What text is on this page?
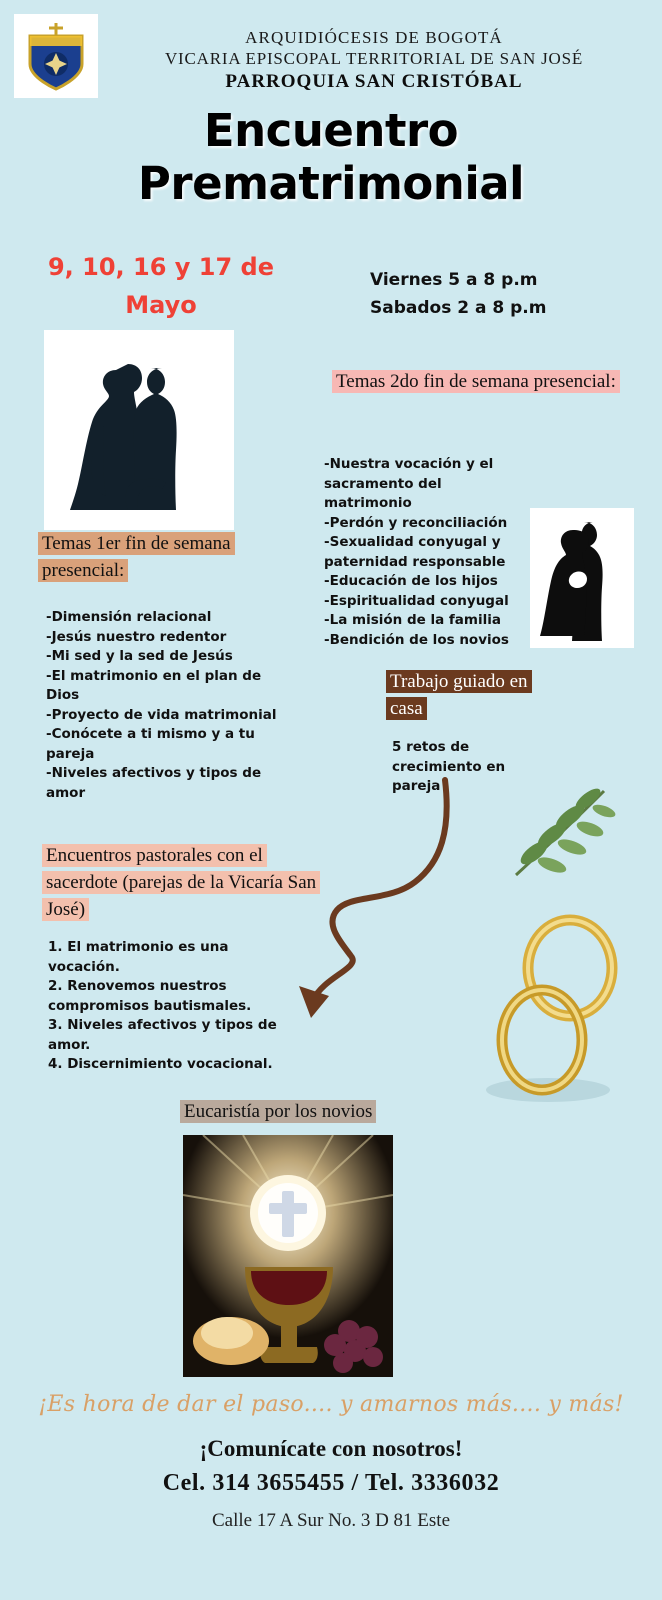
ARQUIDIÓCESIS DE BOGOTÁ
VICARIA EPISCOPAL TERRITORIAL DE SAN JOSÉ
PARROQUIA SAN CRISTÓBAL
Encuentro
Prematrimonial
9, 10, 16 y 17 de
Mayo
Viernes 5 a 8 p.m
Sabados 2 a 8 p.m
Temas 2do fin de semana presencial:
-Nuestra vocación y el sacramento del matrimonio
-Perdón y reconciliación
-Sexualidad conyugal y paternidad responsable
-Educación de los hijos
-Espiritualidad conyugal
-La misión de la familia
-Bendición de los novios
Temas 1er fin de semana presencial:
-Dimensión relacional
-Jesús nuestro redentor
-Mi sed y la sed de Jesús
-El matrimonio en el plan de Dios
-Proyecto de vida matrimonial
-Conócete a ti mismo y a tu pareja
-Niveles afectivos y tipos de amor
Trabajo guiado en casa
5 retos de crecimiento en pareja
Encuentros pastorales con el sacerdote (parejas de la Vicaría San José)
1. El matrimonio es una vocación.
2. Renovemos nuestros compromisos bautismales.
3. Niveles afectivos y tipos de amor.
4. Discernimiento vocacional.
Eucaristía por los novios
¡Es hora de dar el paso.... y amarnos más.... y más!
¡Comunícate con nosotros!
Cel. 314 3655455 / Tel. 3336032
Calle 17 A Sur No. 3 D 81 Este
